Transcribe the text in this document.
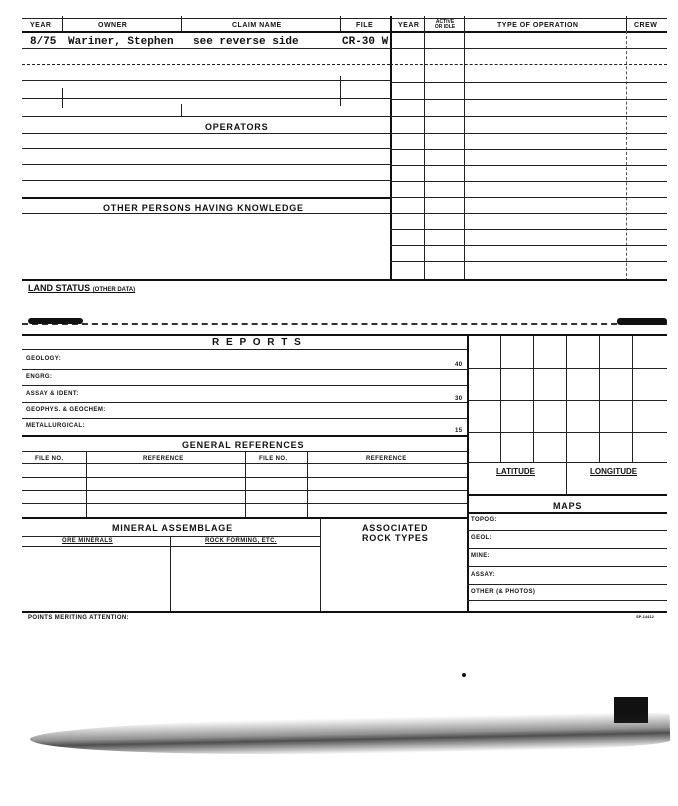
YEAR	OWNER	CLAIM NAME	FILE	YEAR	ACTIVE
OR IDLE	TYPE OF OPERATION	CREW
8/75 Wariner, Stephen see reverse side	CR-30 W
OPERATORS
OTHER PERSONS HAVING KNOWLEDGE
LAND STATUS (OTHER DATA)
R E P O R T S
GEOLOGY:
40
ENGRG:
ASSAY & IDENT:
30
GEOPHYS. & GEOCHEM:
METALLURGICAL:
15
GENERAL REFERENCES
FILE NO.	REFERENCE	FILE NO.	REFERENCE
LATITUDE	LONGITUDE
MAPS
TOPOG:
GEOL:
MINE:
ASSAY:
OTHER (& PHOTOS)
MINERAL ASSEMBLAGE
ORE MINERALS	ROCK FORMING, ETC.
ASSOCIATED
ROCK TYPES
POINTS MERITING ATTENTION:	SP-14412
